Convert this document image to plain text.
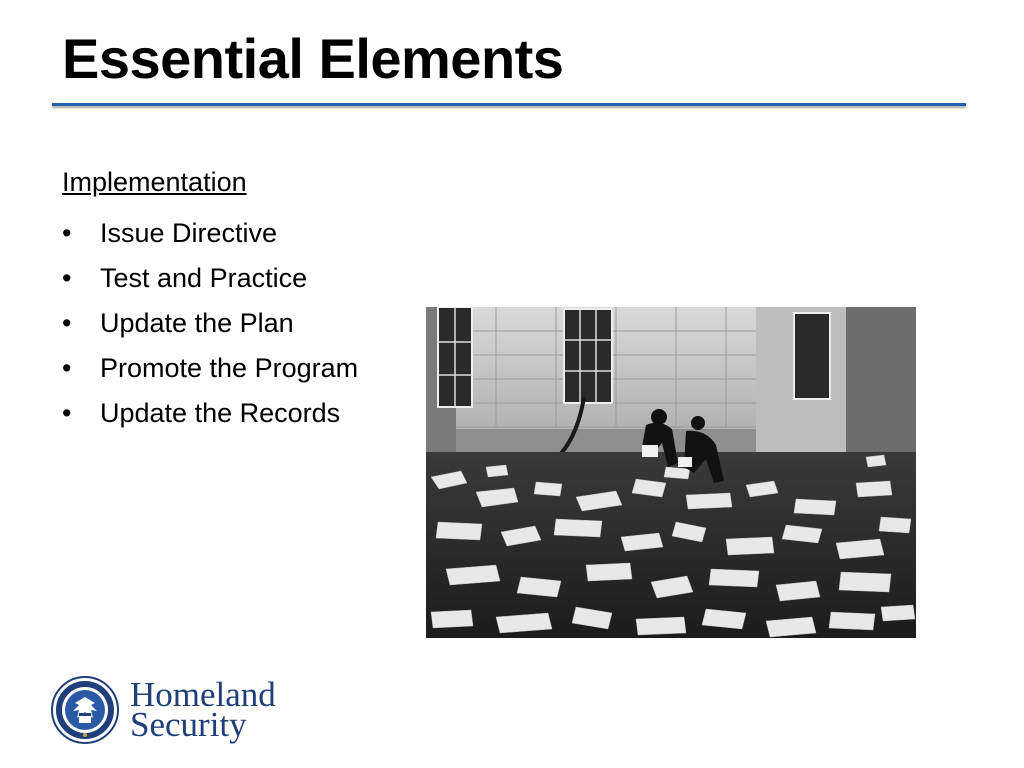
Essential Elements
Implementation
•	Issue Directive
•	Test and Practice
•	Update the Plan
•	Promote the Program
•	Update the Records
Homeland
Security
